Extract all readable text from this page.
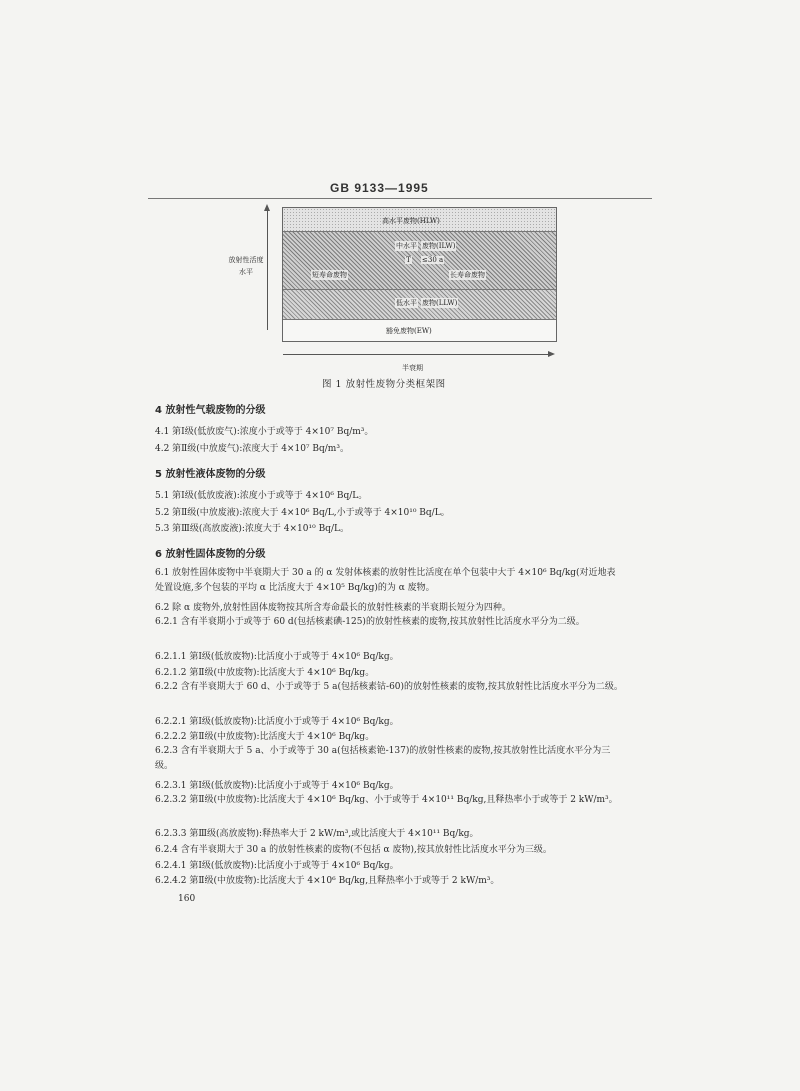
GB 9133—1995
放射性活度
水平
高水平废物(HLW)
中水平 废物(ILW)
T ≤30 a
短寿命废物	长寿命废物
低水平 废物(LLW)
豁免废物(EW)
半衰期
图 1 放射性废物分类框架图
4 放射性气载废物的分级
4.1 第Ⅰ级(低放废气):浓度小于或等于 4×10⁷ Bq/m³。
4.2 第Ⅱ级(中放废气):浓度大于 4×10⁷ Bq/m³。
5 放射性液体废物的分级
5.1 第Ⅰ级(低放废液):浓度小于或等于 4×10⁶ Bq/L。
5.2 第Ⅱ级(中放废液):浓度大于 4×10⁶ Bq/L,小于或等于 4×10¹⁰ Bq/L。
5.3 第Ⅲ级(高放废液):浓度大于 4×10¹⁰ Bq/L。
6 放射性固体废物的分级
6.1 放射性固体废物中半衰期大于 30 a 的 α 发射体核素的放射性比活度在单个包装中大于 4×10⁶ Bq/kg(对近地表处置设施,多个包装的平均 α 比活度大于 4×10⁵ Bq/kg)的为 α 废物。
6.2 除 α 废物外,放射性固体废物按其所含寿命最长的放射性核素的半衰期长短分为四种。
6.2.1 含有半衰期小于或等于 60 d(包括核素碘-125)的放射性核素的废物,按其放射性比活度水平分为二级。
6.2.1.1 第Ⅰ级(低放废物):比活度小于或等于 4×10⁶ Bq/kg。
6.2.1.2 第Ⅱ级(中放废物):比活度大于 4×10⁶ Bq/kg。
6.2.2 含有半衰期大于 60 d、小于或等于 5 a(包括核素钴-60)的放射性核素的废物,按其放射性比活度水平分为二级。
6.2.2.1 第Ⅰ级(低放废物):比活度小于或等于 4×10⁶ Bq/kg。
6.2.2.2 第Ⅱ级(中放废物):比活度大于 4×10⁶ Bq/kg。
6.2.3 含有半衰期大于 5 a、小于或等于 30 a(包括核素铯-137)的放射性核素的废物,按其放射性比活度水平分为三级。
6.2.3.1 第Ⅰ级(低放废物):比活度小于或等于 4×10⁶ Bq/kg。
6.2.3.2 第Ⅱ级(中放废物):比活度大于 4×10⁶ Bq/kg、小于或等于 4×10¹¹ Bq/kg,且释热率小于或等于 2 kW/m³。
6.2.3.3 第Ⅲ级(高放废物):释热率大于 2 kW/m³,或比活度大于 4×10¹¹ Bq/kg。
6.2.4 含有半衰期大于 30 a 的放射性核素的废物(不包括 α 废物),按其放射性比活度水平分为三级。
6.2.4.1 第Ⅰ级(低放废物):比活度小于或等于 4×10⁶ Bq/kg。
6.2.4.2 第Ⅱ级(中放废物):比活度大于 4×10⁶ Bq/kg,且释热率小于或等于 2 kW/m³。
160
